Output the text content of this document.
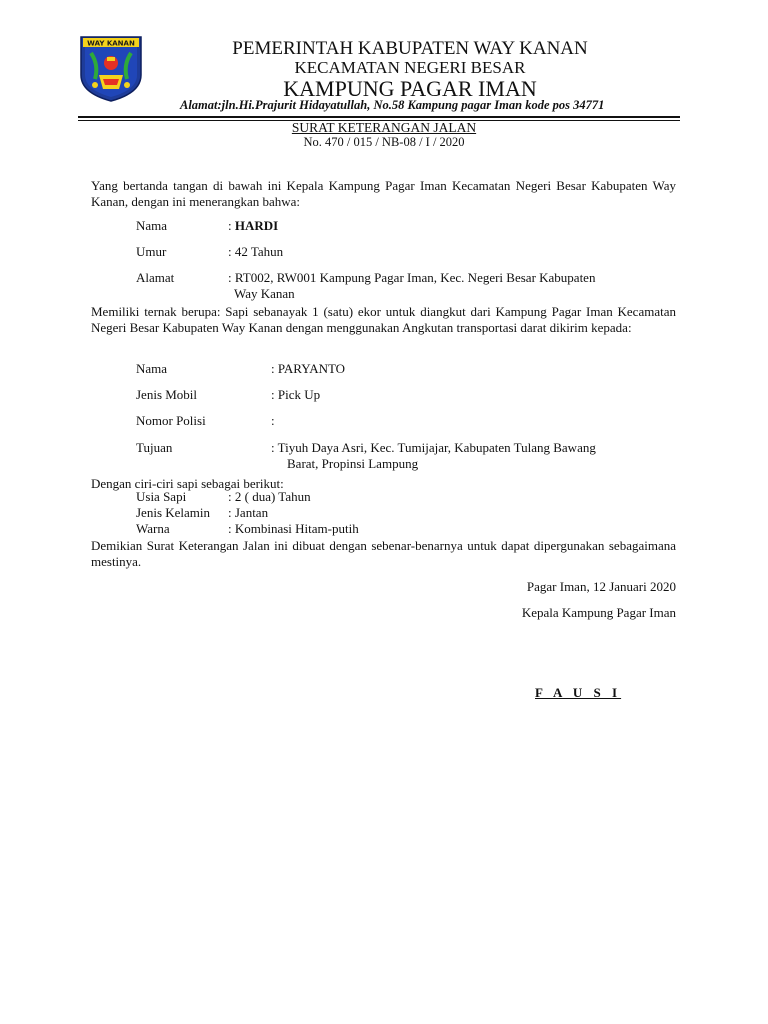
WAY KANAN	PEMERINTAH KABUPATEN WAY KANAN
KECAMATAN NEGERI BESAR
KAMPUNG PAGAR IMAN
Alamat:jln.Hi.Prajurit Hidayatullah, No.58 Kampung pagar Iman kode pos 34771
SURAT KETERANGAN JALAN
No. 470 / 015 / NB-08 / I / 2020
Yang bertanda tangan di bawah ini Kepala Kampung Pagar Iman Kecamatan Negeri Besar Kabupaten Way Kanan, dengan ini menerangkan bahwa:
Nama	: HARDI
Umur	: 42 Tahun
Alamat	: RT002, RW001 Kampung Pagar Iman, Kec. Negeri Besar Kabupaten
Way Kanan
Memiliki ternak berupa: Sapi sebanayak 1 (satu) ekor untuk diangkut dari Kampung Pagar Iman Kecamatan Negeri Besar Kabupaten Way Kanan dengan menggunakan Angkutan transportasi darat dikirim kepada:
Nama	: PARYANTO
Jenis Mobil	: Pick Up
Nomor Polisi	:
Tujuan	: Tiyuh Daya Asri, Kec. Tumijajar, Kabupaten Tulang Bawang
Barat, Propinsi Lampung
Dengan ciri-ciri sapi sebagai berikut:
Usia Sapi	: 2 ( dua) Tahun
Jenis Kelamin : Jantan
Warna	: Kombinasi Hitam-putih
Demikian Surat Keterangan Jalan ini dibuat dengan sebenar-benarnya untuk dapat dipergunakan sebagaimana mestinya.
Pagar Iman, 12 Januari 2020
Kepala Kampung Pagar Iman
F A U S I
